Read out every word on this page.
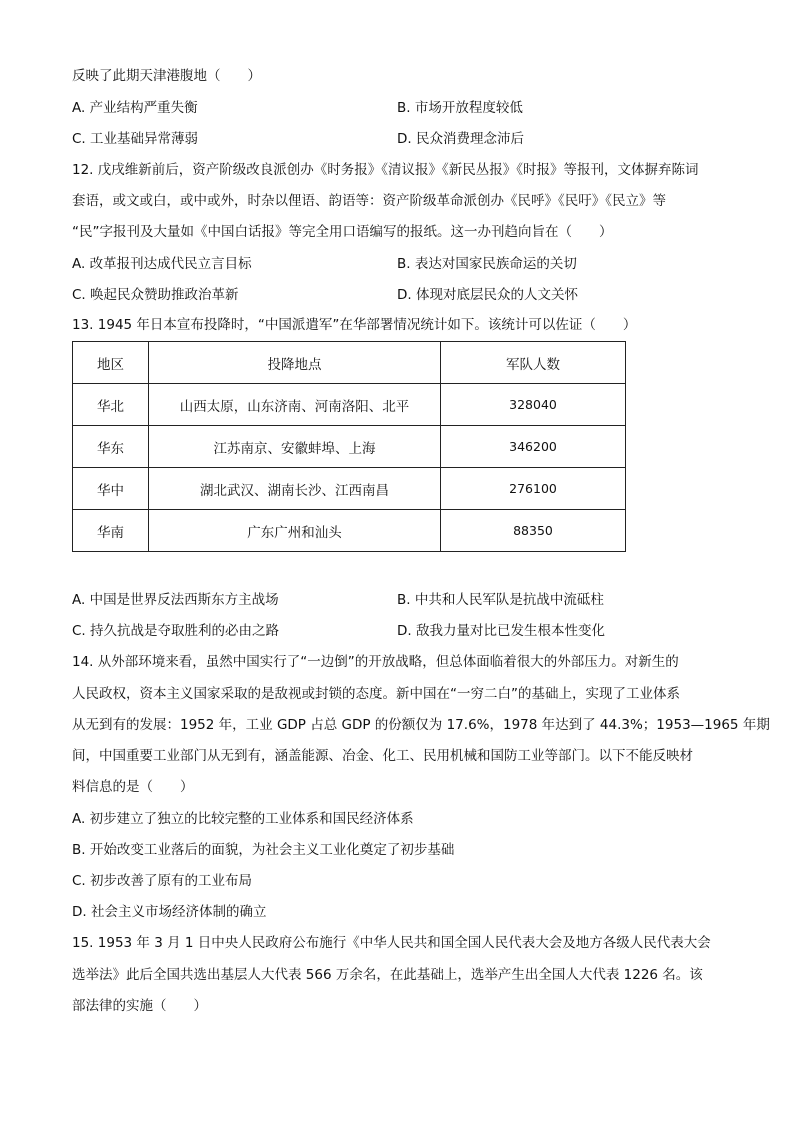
反映了此期天津港腹地（　　）
A. 产业结构严重失衡	B. 市场开放程度较低
C. 工业基础异常薄弱	D. 民众消费理念沛后
12. 戊戌维新前后，资产阶级改良派创办《时务报》《清议报》《新民丛报》《时报》等报刊，文体摒弃陈词
套语，或文或白，或中或外，时杂以俚语、韵语等：资产阶级革命派创办《民呼》《民吁》《民立》等
“民”字报刊及大量如《中国白话报》等完全用口语编写的报纸。这一办刊趋向旨在（　　）
A. 改革报刊达成代民立言目标	B. 表达对国家民族命运的关切
C. 唤起民众赞助推政治革新	D. 体现对底层民众的人文关怀
13. 1945 年日本宣布投降时，“中国派遣军”在华部署情况统计如下。该统计可以佐证（　　）
地区	投降地点	军队人数
华北	山西太原，山东济南、河南洛阳、北平	328040
华东	江苏南京、安徽蚌埠、上海	346200
华中	湖北武汉、湖南长沙、江西南昌	276100
华南	广东广州和汕头	88350
A. 中国是世界反法西斯东方主战场	B. 中共和人民军队是抗战中流砥柱
C. 持久抗战是夺取胜利的必由之路	D. 敌我力量对比已发生根本性变化
14. 从外部环境来看，虽然中国实行了“一边倒”的开放战略，但总体面临着很大的外部压力。对新生的
人民政权，资本主义国家采取的是敌视或封锁的态度。新中国在“一穷二白”的基础上，实现了工业体系
从无到有的发展：1952 年，工业 GDP 占总 GDP 的份额仅为 17.6%，1978 年达到了 44.3%；1953—1965 年期
间，中国重要工业部门从无到有，涵盖能源、冶金、化工、民用机械和国防工业等部门。以下不能反映材
料信息的是（　　）
A. 初步建立了独立的比较完整的工业体系和国民经济体系
B. 开始改变工业落后的面貌，为社会主义工业化奠定了初步基础
C. 初步改善了原有的工业布局
D. 社会主义市场经济体制的确立
15. 1953 年 3 月 1 日中央人民政府公布施行《中华人民共和国全国人民代表大会及地方各级人民代表大会
选举法》此后全国共选出基层人大代表 566 万余名，在此基础上，选举产生出全国人大代表 1226 名。该
部法律的实施（　　）
